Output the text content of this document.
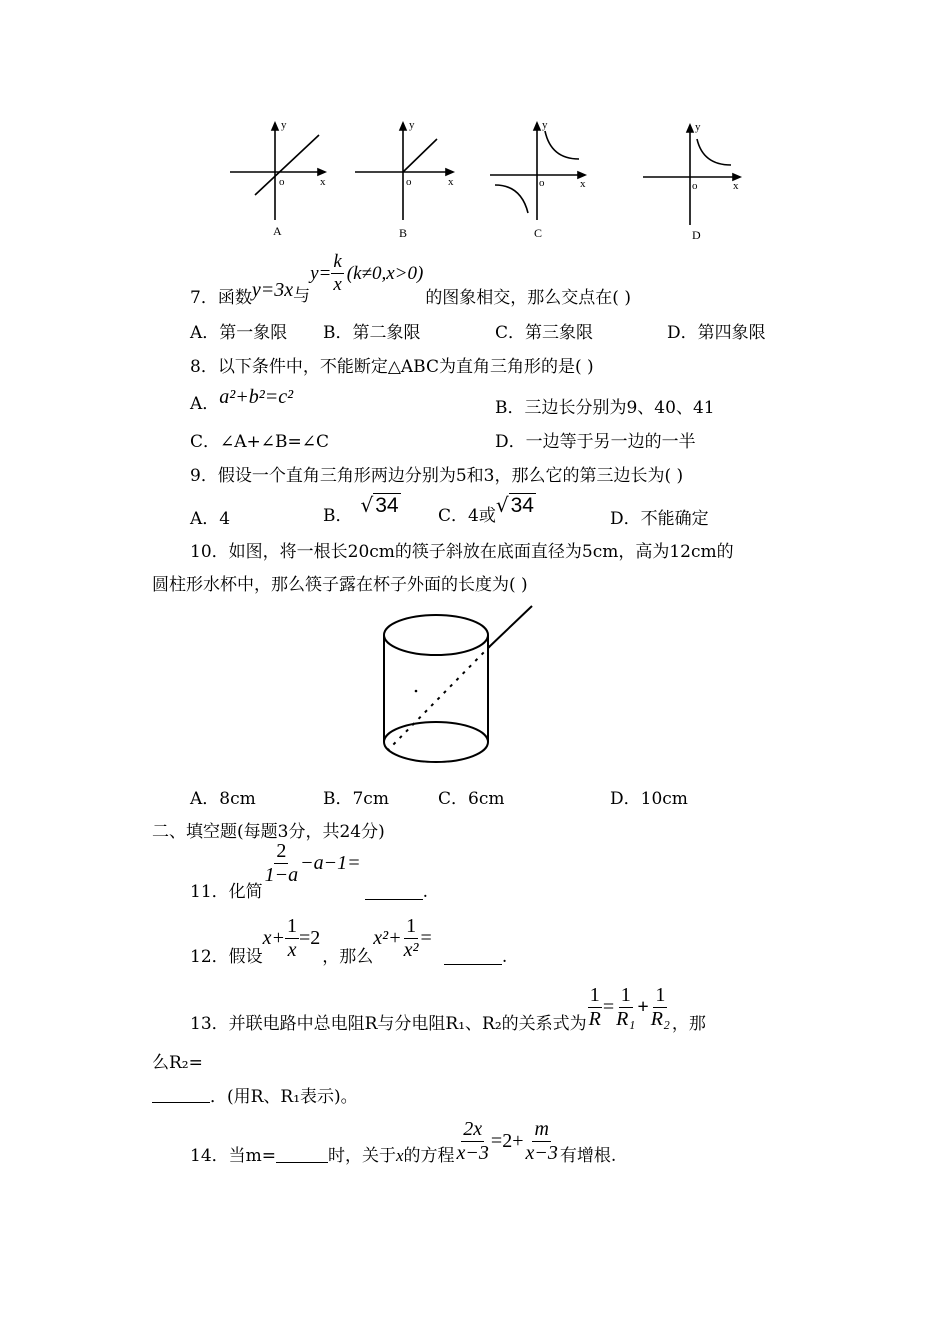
y
o	x
y
o	x
y
o	x
y
o	x
A	B	C	D
7． 函数 y=3x 与
$y= \frac{k}{x} (k\ne 0,x>0)$
的图象相交，那么交点在( )
A．第一象限 B．第二象限	C．第三象限	D．第四象限
8．以下条件中，不能断定△ABC为直角三角形的是( )
A． a²+b²=c²	B．三边长分别为9、40、41
C．∠A+∠B=∠C	D．一边等于另一边的一半
9．假设一个直角三角形两边分别为5和3，那么它的第三边长为( )
A．4	B． √34 C．4或 √34
D．不能确定
10．如图，将一根长20cm的筷子斜放在底面直径为5cm，高为12cm的
圆柱形水杯中，那么筷子露在杯子外面的长度为( )
A．8cm	B．7cm	C．6cm	D．10cm
二、填空题(每题3分，共24分)
11．化简
$\frac{2}{1-a} -a-1=$
.
12．假设
$x+ \frac{1}{x} =2$
，那么
$x^2+ \frac{1}{\text{x²}}$ =
.
13．并联电路中总电阻R与分电阻R₁、R₂的关系式为 $\frac{1}{R} = \frac{1}{\text{R₁}} + \frac{1}{\text{R₂}}$ ，那
么R₂=
．(用R、R₁表示)。
14．当m=	时，关于 x 的方程 $\frac{2x}{x-3} =2+ \frac{m}{x-3}$ 有增根.
